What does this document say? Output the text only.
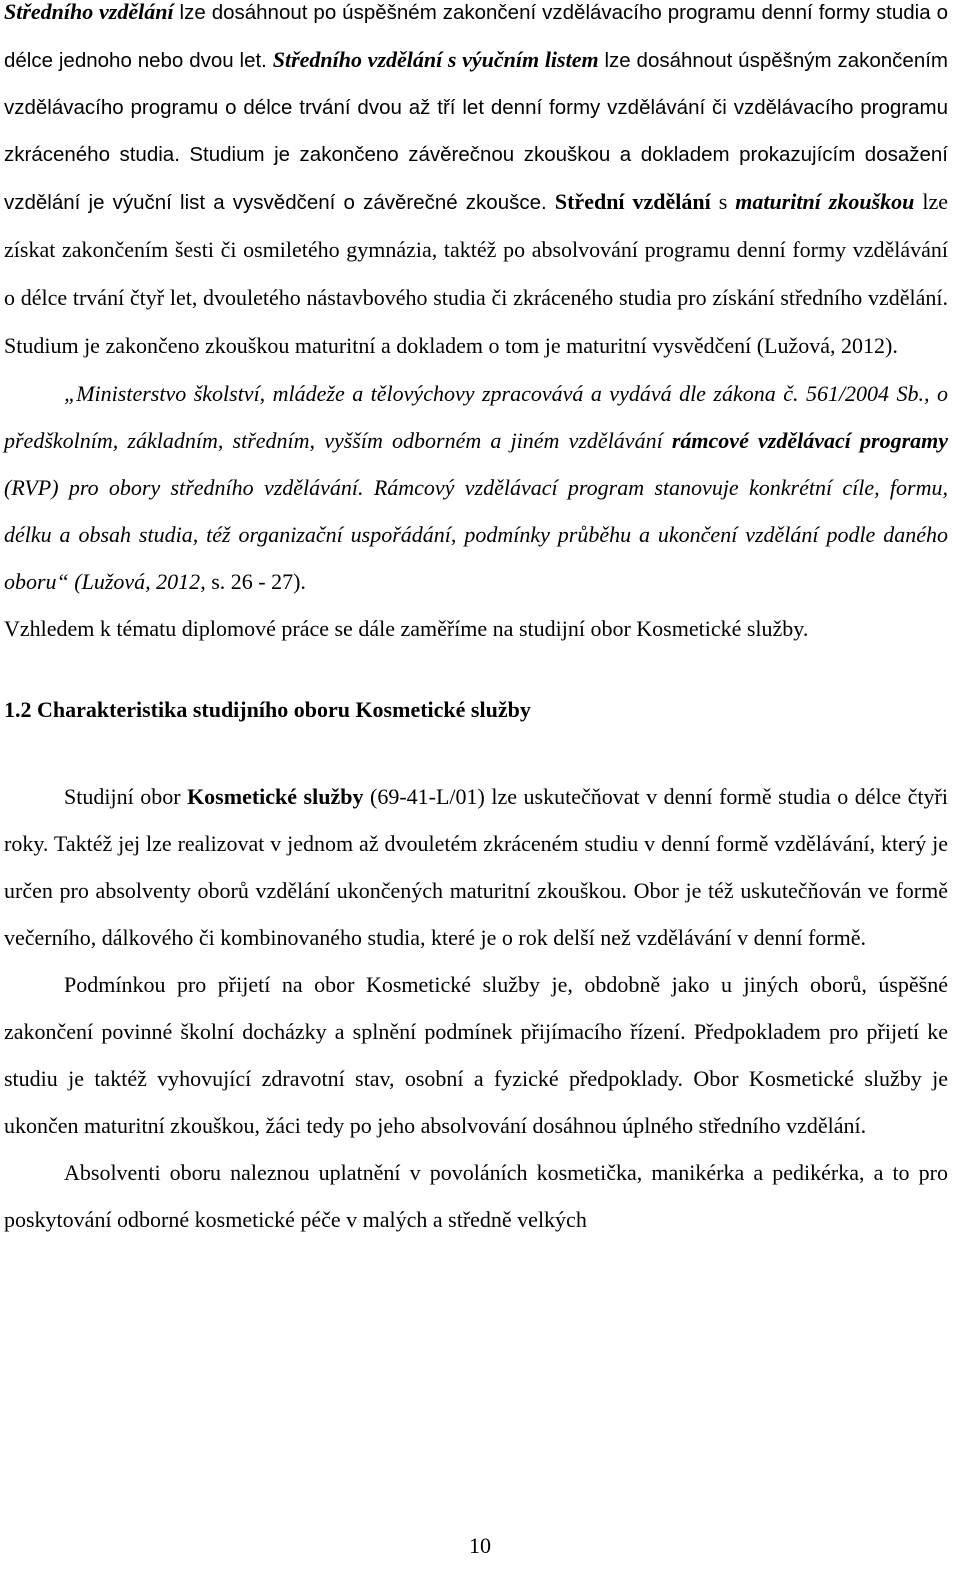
Středního vzdělání lze dosáhnout po úspěšném zakončení vzdělávacího programu denní formy studia o délce jednoho nebo dvou let. Středního vzdělání s výučním listem lze dosáhnout úspěšným zakončením vzdělávacího programu o délce trvání dvou až tří let denní formy vzdělávání či vzdělávacího programu zkráceného studia. Studium je zakončeno závěrečnou zkouškou a dokladem prokazujícím dosažení vzdělání je výuční list a vysvědčení o závěrečné zkoušce. Střední vzdělání s maturitní zkouškou lze získat zakončením šesti či osmiletého gymnázia, taktéž po absolvování programu denní formy vzdělávání o délce trvání čtyř let, dvouletého nástavbového studia či zkráceného studia pro získání středního vzdělání. Studium je zakončeno zkouškou maturitní a dokladem o tom je maturitní vysvědčení (Lužová, 2012).

„Ministerstvo školství, mládeže a tělovýchovy zpracovává a vydává dle zákona č. 561/2004 Sb., o předškolním, základním, středním, vyšším odborném a jiném vzdělávání rámcové vzdělávací programy (RVP) pro obory středního vzdělávání. Rámcový vzdělávací program stanovuje konkrétní cíle, formu, délku a obsah studia, též organizační uspořádání, podmínky průběhu a ukončení vzdělání podle daného oboru“ (Lužová, 2012, s. 26 - 27).

Vzhledem k tématu diplomové práce se dále zaměříme na studijní obor Kosmetické služby.

1.2 Charakteristika studijního oboru Kosmetické služby

Studijní obor Kosmetické služby (69-41-L/01) lze uskutečňovat v denní formě studia o délce čtyři roky. Taktéž jej lze realizovat v jednom až dvouletém zkráceném studiu v denní formě vzdělávání, který je určen pro absolventy oborů vzdělání ukončených maturitní zkouškou. Obor je též uskutečňován ve formě večerního, dálkového či kombinovaného studia, které je o rok delší než vzdělávání v denní formě.

Podmínkou pro přijetí na obor Kosmetické služby je, obdobně jako u jiných oborů, úspěšné zakončení povinné školní docházky a splnění podmínek přijímacího řízení. Předpokladem pro přijetí ke studiu je taktéž vyhovující zdravotní stav, osobní a fyzické předpoklady. Obor Kosmetické služby je ukončen maturitní zkouškou, žáci tedy po jeho absolvování dosáhnou úplného středního vzdělání.

Absolventi oboru naleznou uplatnění v povoláních kosmetička, manikérka a pedikérka, a to pro poskytování odborné kosmetické péče v malých a středně velkých

10
